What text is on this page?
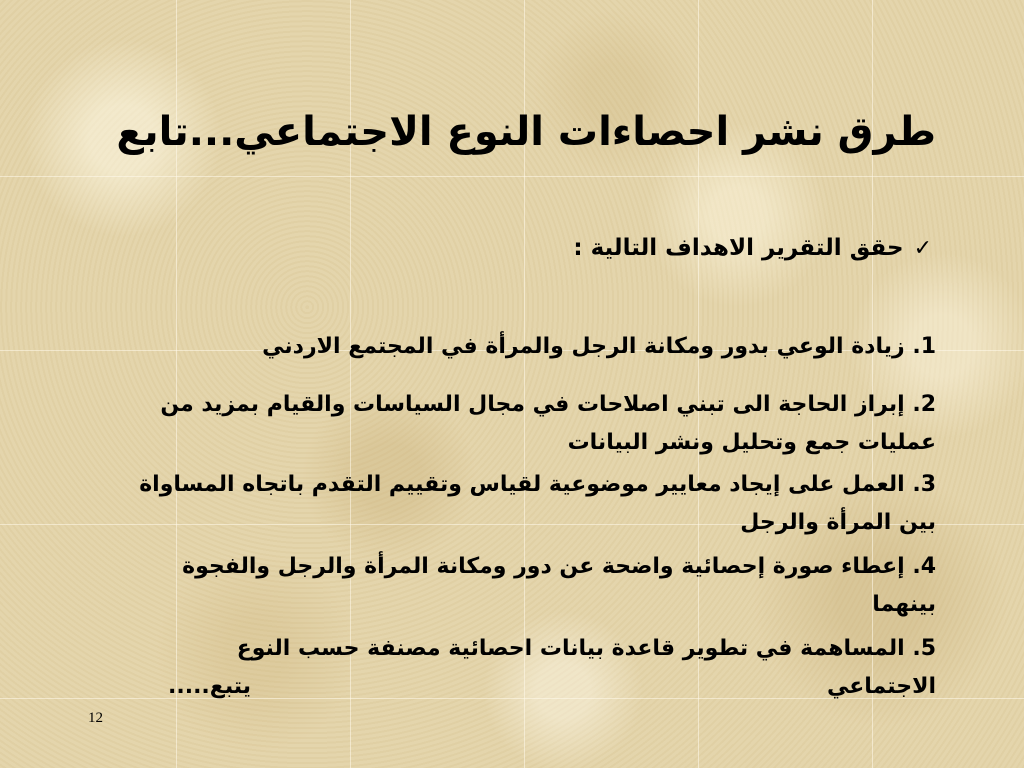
طرق نشر احصاءات النوع الاجتماعي...تابع
✓حقق التقرير الاهداف التالية :
1. زيادة الوعي بدور ومكانة الرجل والمرأة في المجتمع الاردني
2. إبراز الحاجة الى تبني اصلاحات في مجال السياسات والقيام بمزيد من عمليات جمع وتحليل ونشر البيانات
3. العمل على إيجاد معايير موضوعية لقياس وتقييم التقدم باتجاه المساواة بين المرأة والرجل
4. إعطاء صورة إحصائية واضحة عن دور ومكانة المرأة والرجل والفجوة بينهما
5. المساهمة في تطوير قاعدة بيانات احصائية مصنفة حسب النوع الاجتماعي
يتبع.....
12
